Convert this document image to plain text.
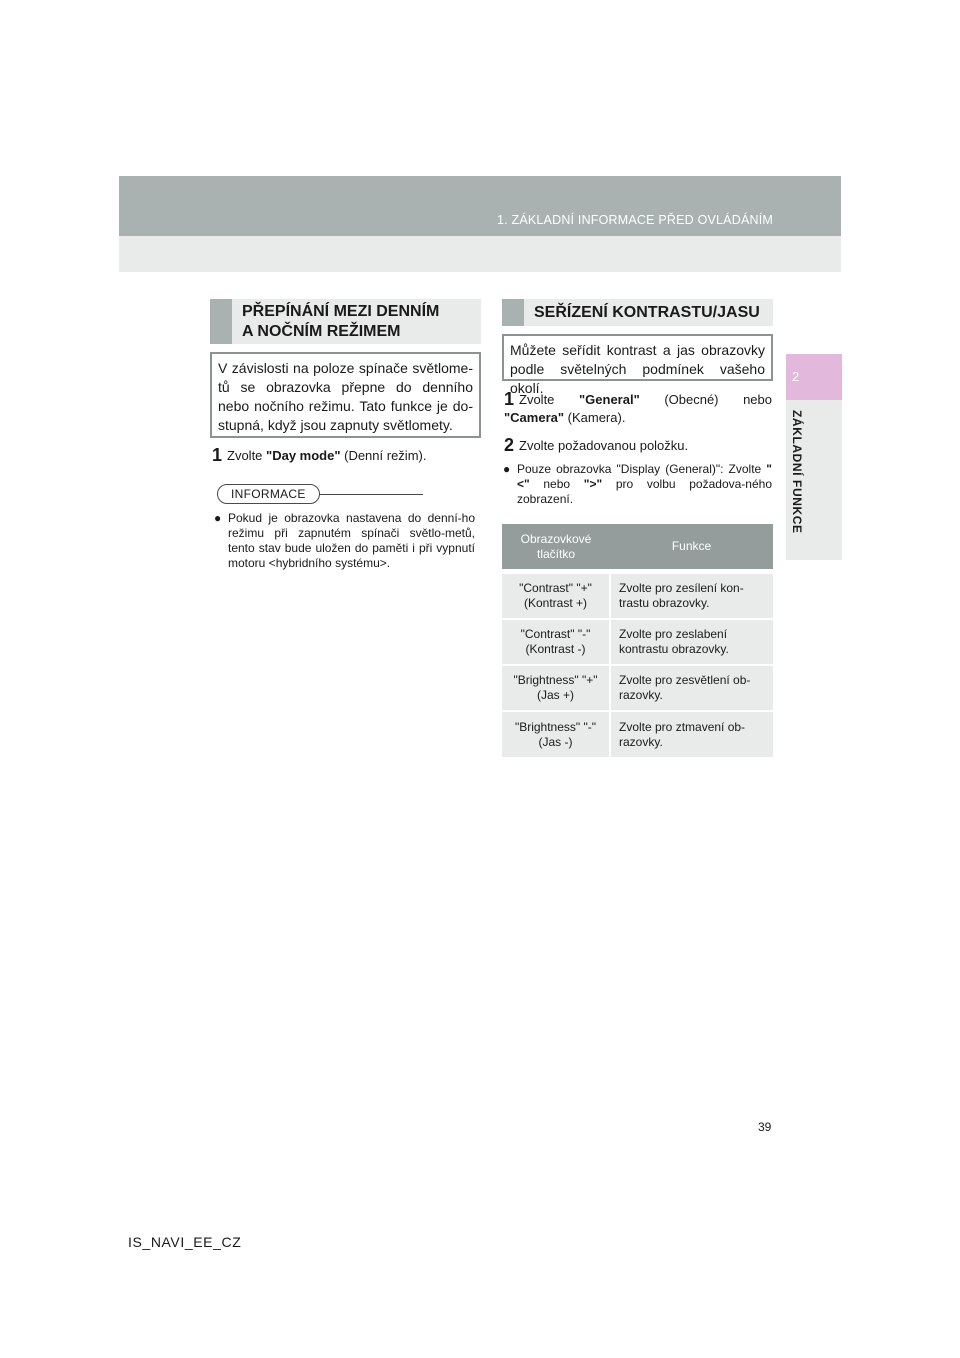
1. ZÁKLADNÍ INFORMACE PŘED OVLÁDÁNÍM
2
ZÁKLADNÍ FUNKCE
PŘEPÍNÁNÍ MEZI DENNÍM
A NOČNÍM REŽIMEM
V závislosti na poloze spínače světlome-tů se obrazovka přepne do denního nebo nočního režimu. Tato funkce je do-stupná, když jsou zapnuty světlomety.
1 Zvolte "Day mode" (Denní režim).
INFORMACE
● Pokud je obrazovka nastavena do denní-ho režimu při zapnutém spínači světlo-metů, tento stav bude uložen do paměti i při vypnutí motoru <hybridního systému>.
SEŘÍZENÍ KONTRASTU/JASU
Můžete seřídit kontrast a jas obrazovky podle světelných podmínek vašeho okolí.
1 Zvolte "General" (Obecné) nebo "Camera" (Kamera).
2 Zvolte požadovanou položku.
● Pouze obrazovka "Display (General)": Zvolte "<" nebo ">" pro volbu požadova-ného zobrazení.
Obrazovkové tlačítko	Funkce

"Contrast" "+" (Kontrast +)	Zvolte pro zesílení kon-trastu obrazovky.
"Contrast" "-" (Kontrast -)	Zvolte pro zeslabení kontrastu obrazovky.
"Brightness" "+" (Jas +)	Zvolte pro zesvětlení ob-razovky.
"Brightness" "-" (Jas -)	Zvolte pro ztmavení ob-razovky.
39
IS_NAVI_EE_CZ
